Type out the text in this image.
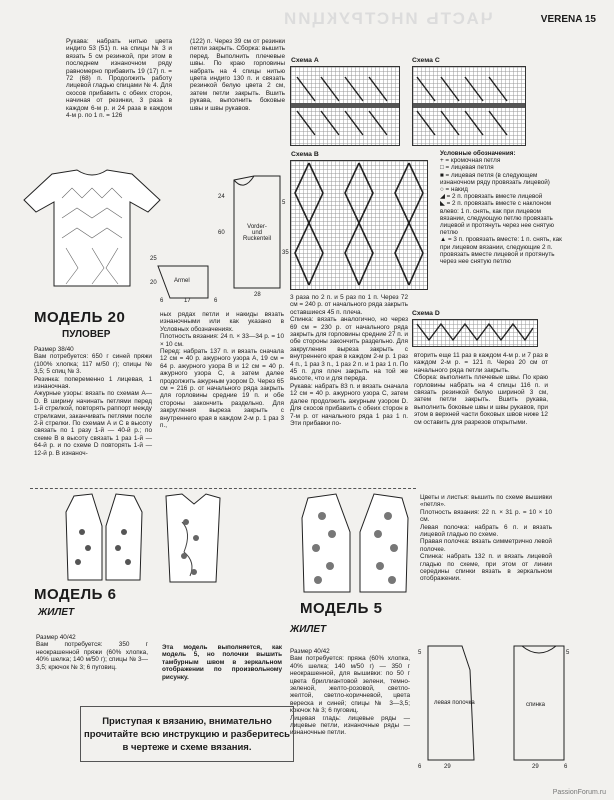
ЧАСТЬ ИНСТРУКЦИИ	VERENA 15
Рукава: набрать нитью цвета индиго 53 (51) п. на спицы № 3 и вязать 5 см резинкой, при этом в последнем изнаночном ряду равномерно прибавить 19 (17) п. = 72 (68) п. Продолжить работу лицевой гладью спицами № 4. Для скосов прибавить с обеих сторон, начиная от резинки, 3 раза в каждом 6-м р. и 24 раза в каждом 4-м р. по 1 п. = 126
(122) п. Через 39 см от резинки петли закрыть. Сборка: вышить перед. Выполнить плечевые швы. По краю горловины набрать на 4 спицы нитью цвета индиго 130 п. и связать резинкой белую цвета 2 см, затем петли закрыть. Вшить рукава, выполнить боковые швы и швы рукавов.
Схема А	Схема С
Схема В	Условные обозначения:
+ = кромочная петля
□ = лицевая петля
■ = лицевая петля (в следующем изнаночном ряду провязать лицевой)
○ = накид
◢ = 2 п. провязать вместе лицевой
◣ = 2 п. провязать вместе с наклоном влево: 1 п. снять, как при лицевом вязании, следующую петлю провязать лицевой и протянуть через нее снятую петлю
▲ = 3 п. провязать вместе: 1 п. снять, как при лицевом вязании, следующие 2 п. провязать вместе лицевой и протянуть через нее снятую петлю
Схема D
Vorder- und Ruckenteil
Armel
24
60
5
35
25
20
6	17	6
28
МОДЕЛЬ 20
ПУЛОВЕР
Размер 38/40
Вам потребуется: 650 г синей пряжи (100% хлопка; 117 м/50 г); спицы № 3,5; 5 спиц № 3.
Резинка: попеременно 1 лицевая, 1 изнаночная.
Ажурные узоры: вязать по схемам А— D. В ширину начинать петлями перед 1-й стрелкой, повторять раппорт между стрелками, заканчивать петлями после 2-й стрелки. По схемам А и С в высоту связать по 1 разу 1-й — 40-й р.; по схеме В в высоту связать 1 раз 1-й — 64-й р. и по схеме D повторять 1-й — 12-й р. В изнаноч-
ных рядах петли и накиды вязать изнаночными или как указано в Условных обозначениях.
Плотность вязания: 24 п. × 33—34 р. = 10 × 10 см.
Перед: набрать 137 п. и вязать сначала 12 см = 40 р. ажурного узора А, 19 см = 64 р. ажурного узора В и 12 см = 40 р. ажурного узора С, а затем далее продолжить ажурным узором D. Через 65 см = 216 р. от начального ряда закрыть для горловины средние 19 п. и обе стороны закончить раздельно. Для закругления выреза закрыть с внутреннего края в каждом 2-м р. 1 раз 3 п.,
3 раза по 2 п. и 5 раз по 1 п. Через 72 см = 240 р. от начального ряда закрыть оставшиеся 45 п. плеча.
Спинка: вязать аналогично, но через 69 см = 230 р. от начального ряда закрыть для горловины средние 27 п. и обе стороны закончить раздельно. Для закругления выреза закрыть с внутреннего края в каждом 2-м р. 1 раз 4 п., 1 раз 3 п., 1 раз 2 п. и 1 раз 1 п. По 45 п. для плеч закрыть на той же высоте, что и для переда.
Рукава: набрать 83 п. и вязать сначала 12 см = 40 р. ажурного узора С, затем далее продолжить ажурным узором D. Для скосов прибавить с обеих сторон в 7-м р. от начального ряда 1 раз 1 п. Эти прибавки по-
вторить еще 11 раз в каждом 4-м р. и 7 раз в каждом 2-м р. = 121 п. Через 20 см от начального ряда петли закрыть.
Сборка: выполнить плечевые швы. По краю горловины набрать на 4 спицы 116 п. и связать резинкой белую шириной 3 см, затем петли закрыть. Вшить рукава, выполнить боковые швы и швы рукавов, при этом в верхней части боковых швов ниже 12 см оставить для разрезов открытыми.
МОДЕЛЬ 6
ЖИЛЕТ
Размер 40/42
Вам потребуется: 350 г неокрашенной пряжи (60% хлопка, 40% шелка; 140 м/50 г); спицы № 3—3,5; крючок № 3; 6 пуговиц.
Эта модель выполняется, как модель 5, но полочки вышить тамбурным швом в зеркальном отображении по произвольному рисунку.
МОДЕЛЬ 5
ЖИЛЕТ
Размер 40/42
Вам потребуется: пряжа (60% хлопка, 40% шелка; 140 м/50 г) — 350 г неокрашенной, для вышивки: по 50 г цвета бриллиантовой зелени, темно-зеленой, желто-розовой, светло-желтой, светло-коричневой, цвета вереска и синей; спицы № 3—3,5; крючок № 3; 6 пуговиц.
Лицевая гладь: лицевые ряды — лицевые петли, изнаночные ряды — изнаночные петли.
Цветы и листья: вышить по схеме вышивки «петля».
Плотность вязания: 22 п. × 31 р. = 10 × 10 см.
Левая полочка: набрать 6 п. и вязать лицевой гладью по схеме.
Правая полочка: вязать симметрично левой полочке.
Спинка: набрать 132 п. и вязать лицевой гладью по схеме, при этом от линии середины спинки вязать в зеркальном отображении.
левая полочка	спинка
29	29
5	5
6	6
Приступая к вязанию, внимательно прочитайте всю инструкцию и разберитесь в чертеже и схеме вязания.
PassionForum.ru
